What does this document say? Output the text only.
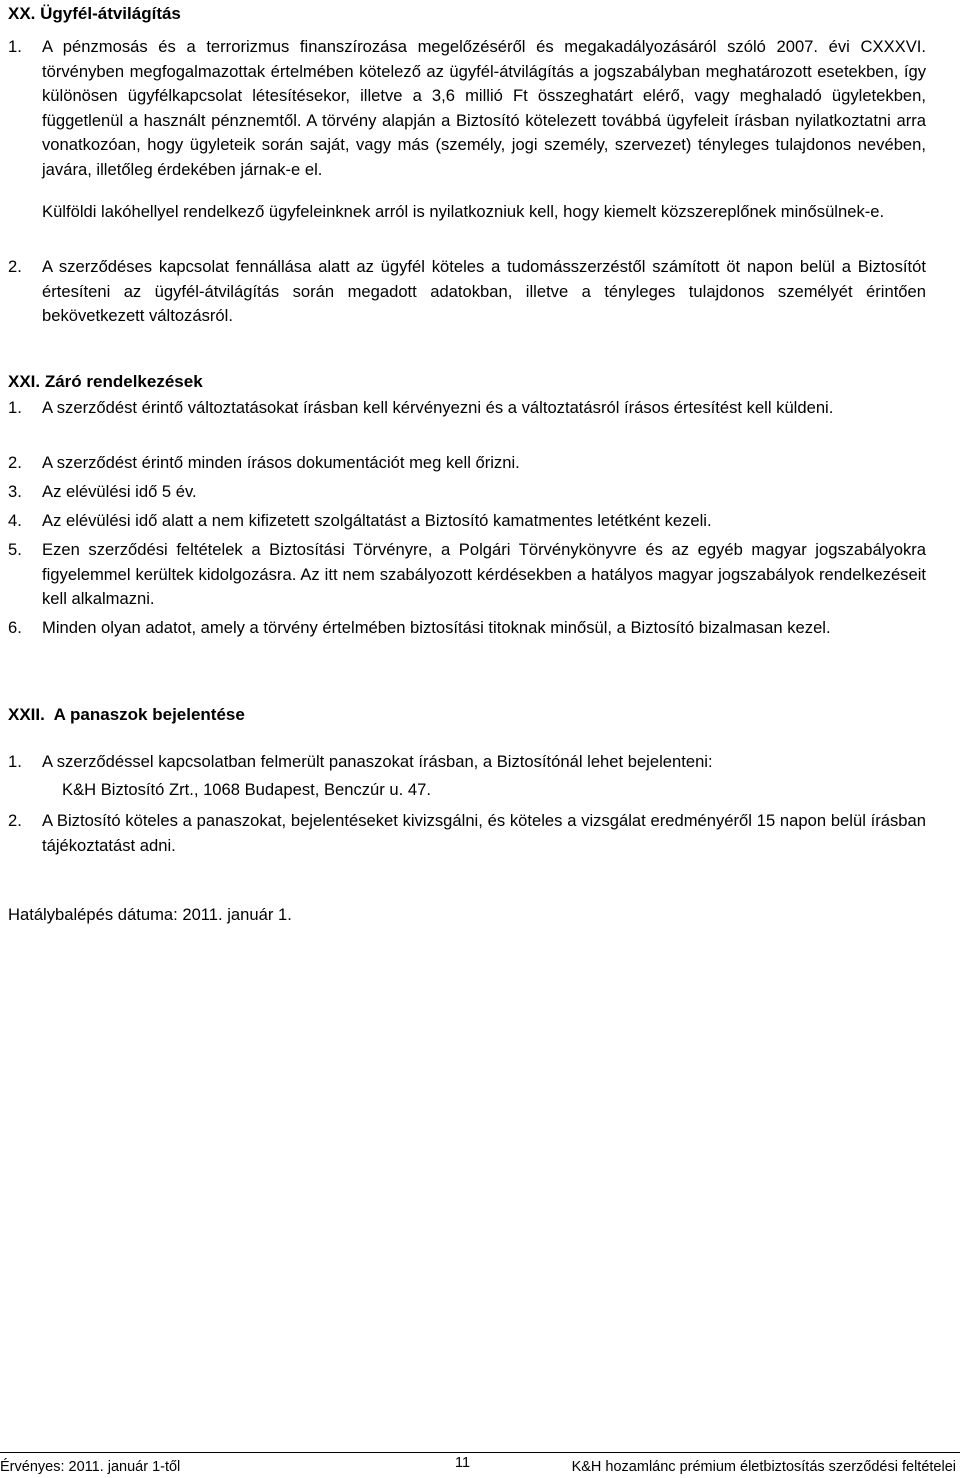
XX. Ügyfél-átvilágítás
1. A pénzmosás és a terrorizmus finanszírozása megelőzéséről és megakadályozásáról szóló 2007. évi CXXXVI. törvényben megfogalmazottak értelmében kötelező az ügyfél-átvilágítás a jogszabályban meghatározott esetekben, így különösen ügyfélkapcsolat létesítésekor, illetve a 3,6 millió Ft összeghatárt elérő, vagy meghaladó ügyletekben, függetlenül a használt pénznemtől. A törvény alapján a Biztosító kötelezett továbbá ügyfeleit írásban nyilatkoztatni arra vonatkozóan, hogy ügyleteik során saját, vagy más (személy, jogi személy, szervezet) tényleges tulajdonos nevében, javára, illetőleg érdekében járnak-e el.
Külföldi lakóhellyel rendelkező ügyfeleinknek arról is nyilatkozniuk kell, hogy kiemelt közszereplőnek minősülnek-e.
2. A szerződéses kapcsolat fennállása alatt az ügyfél köteles a tudomásszerzéstől számított öt napon belül a Biztosítót értesíteni az ügyfél-átvilágítás során megadott adatokban, illetve a tényleges tulajdonos személyét érintően bekövetkezett változásról.
XXI. Záró rendelkezések
1. A szerződést érintő változtatásokat írásban kell kérvényezni és a változtatásról írásos értesítést kell küldeni.
2. A szerződést érintő minden írásos dokumentációt meg kell őrizni.
3. Az elévülési idő 5 év.
4. Az elévülési idő alatt a nem kifizetett szolgáltatást a Biztosító kamatmentes letétként kezeli.
5. Ezen szerződési feltételek a Biztosítási Törvényre, a Polgári Törvénykönyvre és az egyéb magyar jogszabályokra figyelemmel kerültek kidolgozásra. Az itt nem szabályozott kérdésekben a hatályos magyar jogszabályok rendelkezéseit kell alkalmazni.
6. Minden olyan adatot, amely a törvény értelmében biztosítási titoknak minősül, a Biztosító bizalmasan kezel.
XXII.  A panaszok bejelentése
1. A szerződéssel kapcsolatban felmerült panaszokat írásban, a Biztosítónál lehet bejelenteni:
K&H Biztosító Zrt., 1068 Budapest, Benczúr u. 47.
2. A Biztosító köteles a panaszokat, bejelentéseket kivizsgálni, és köteles a vizsgálat eredményéről 15 napon belül írásban tájékoztatást adni.
Hatálybalépés dátuma: 2011. január 1.
Érvényes: 2011. január 1-től	11	K&H hozamlánc prémium életbiztosítás szerződési feltételei
